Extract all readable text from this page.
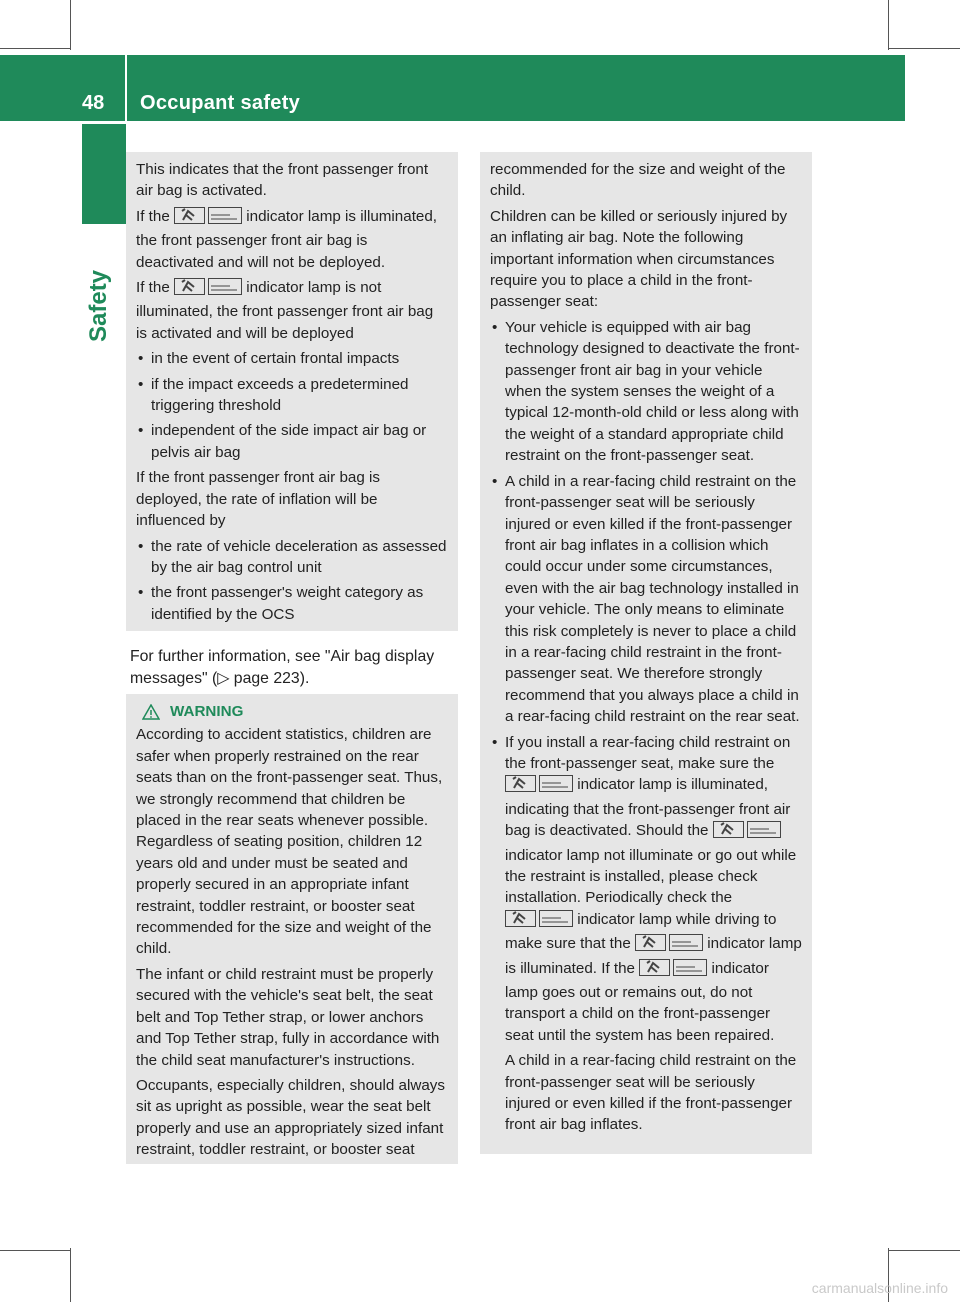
48 Occupant safety
Safety

This indicates that the front passenger front air bag is activated.

If the	indicator lamp is illuminated, the front passenger front air bag is deactivated and will not be deployed.

If the	indicator lamp is not illuminated, the front passenger front air bag is activated and will be deployed

• in the event of certain frontal impacts
• if the impact exceeds a predetermined triggering threshold
• independent of the side impact air bag or pelvis air bag

If the front passenger front air bag is deployed, the rate of inflation will be influenced by

• the rate of vehicle deceleration as assessed by the air bag control unit
• the front passenger's weight category as identified by the OCS

For further information, see "Air bag display messages" (▷ page 223).

WARNING

According to accident statistics, children are safer when properly restrained on the rear seats than on the front-passenger seat. Thus, we strongly recommend that children be placed in the rear seats whenever possible. Regardless of seating position, children 12 years old and under must be seated and properly secured in an appropriate infant restraint, toddler restraint, or booster seat recommended for the size and weight of the child.

The infant or child restraint must be properly secured with the vehicle's seat belt, the seat belt and Top Tether strap, or lower anchors and Top Tether strap, fully in accordance with the child seat manufacturer's instructions.

Occupants, especially children, should always sit as upright as possible, wear the seat belt properly and use an appropriately sized infant restraint, toddler restraint, or booster seat

recommended for the size and weight of the child.

Children can be killed or seriously injured by an inflating air bag. Note the following important information when circumstances require you to place a child in the front-passenger seat:

• Your vehicle is equipped with air bag technology designed to deactivate the front-passenger front air bag in your vehicle when the system senses the weight of a typical 12-month-old child or less along with the weight of a standard appropriate child restraint on the front-passenger seat.
• A child in a rear-facing child restraint on the front-passenger seat will be seriously injured or even killed if the front-passenger front air bag inflates in a collision which could occur under some circumstances, even with the air bag technology installed in your vehicle. The only means to eliminate this risk completely is never to place a child in a rear-facing child restraint in the front-passenger seat. We therefore strongly recommend that you always place a child in a rear-facing child restraint on the rear seat.
• If you install a rear-facing child restraint on the front-passenger seat, make sure the  indicator lamp is illuminated, indicating that the front-passenger front air bag is deactivated. Should the  indicator lamp not illuminate or go out while the restraint is installed, please check installation. Periodically check the  indicator lamp while driving to make sure that the	indicator lamp is illuminated. If the	indicator lamp goes out or remains out, do not transport a child on the front-passenger seat until the system has been repaired.

A child in a rear-facing child restraint on the front-passenger seat will be seriously injured or even killed if the front-passenger front air bag inflates.

carmanualsonline.info
